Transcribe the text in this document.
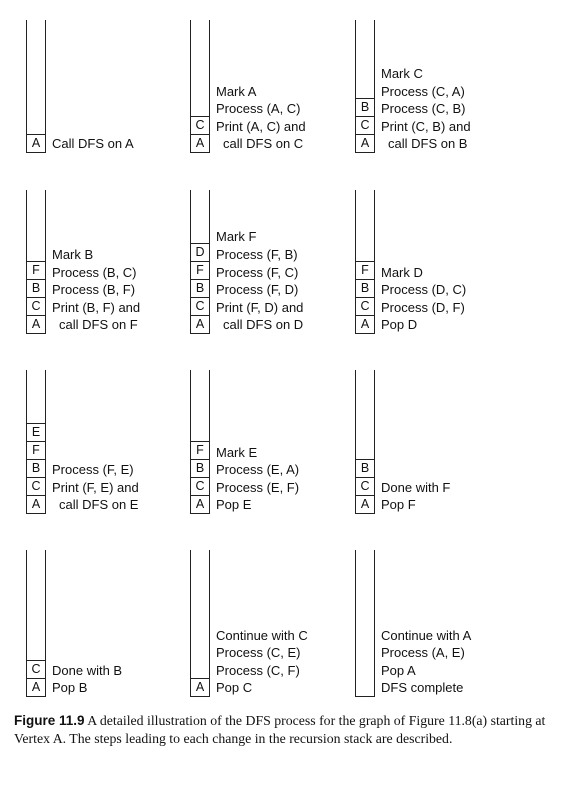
A Call DFS on A	A
C
Mark A
Process (A, C)
Print (A, C) and
call DFS on C	A
C
B
Mark C
Process (C, A)
Process (C, B)
Print (C, B) and
call DFS on B
A
C
B
F
Mark B
Process (B, C)
Process (B, F)
Print (B, F) and
call DFS on F	A
C
B
F
D
Mark F
Process (F, B)
Process (F, C)
Process (F, D)
Print (F, D) and
call DFS on D	A
C
B
F Mark D
Process (D, C)
Process (D, F)
Pop D
A
C
B
F
E
Process (F, E)
Print (F, E) and
call DFS on E	A
C
B
F Mark E
Process (E, A)
Process (E, F)
Pop E	A
C
B
Done with F
Pop F
A
C Done with B
Pop B	A
Continue with C
Process (C, E)
Process (C, F)
Pop C
Continue with A
Process (A, E)
Pop A
DFS complete
Figure 11.9 A detailed illustration of the DFS process for the graph of Figure 11.8(a) starting at Vertex A. The steps leading to each change in the recursion stack are described.
